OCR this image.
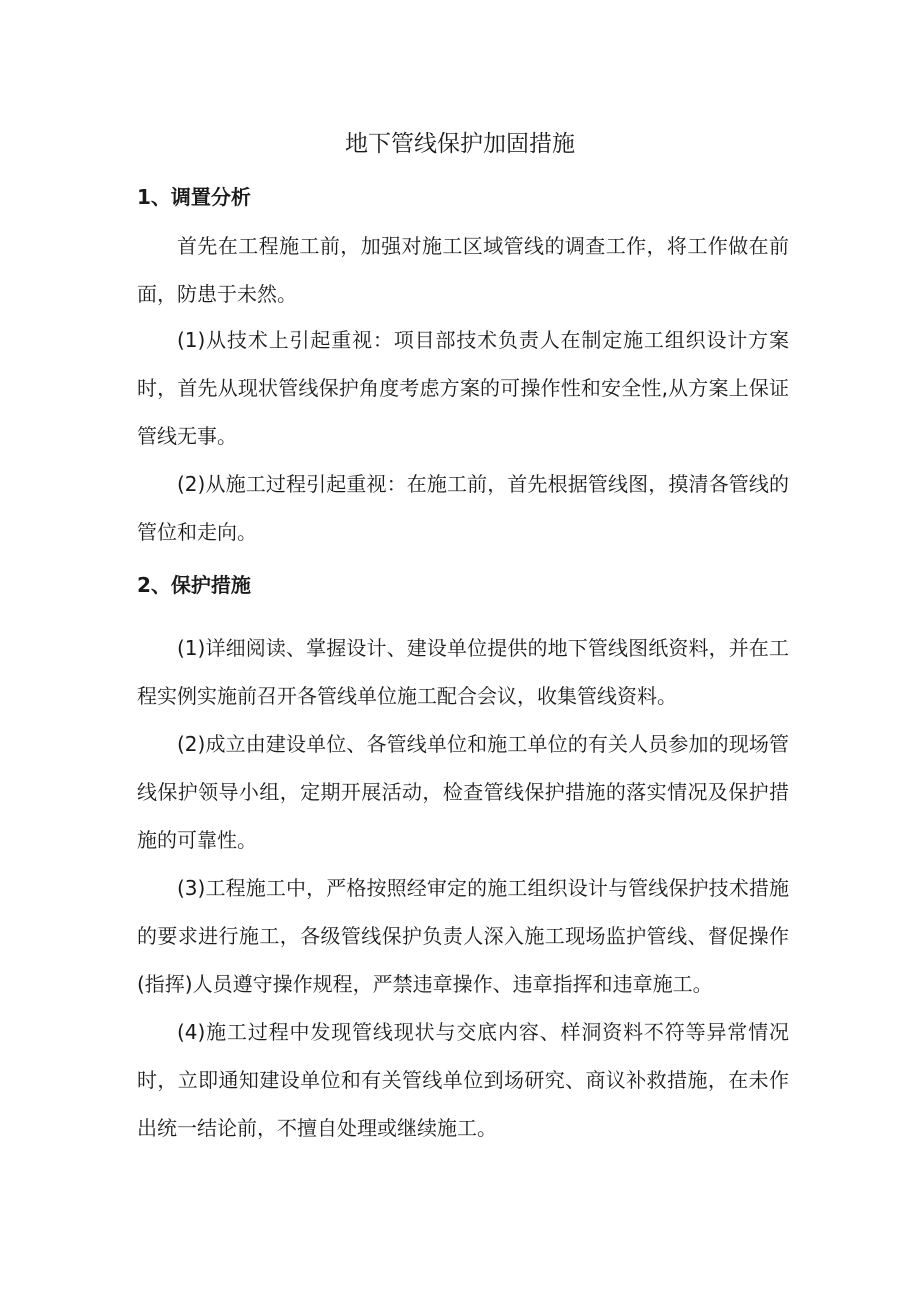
地下管线保护加固措施
1、调置分析

首先在工程施工前，加强对施工区域管线的调查工作，将工作做在前面，防患于未然。

(1)从技术上引起重视：项目部技术负责人在制定施工组织设计方案时，首先从现状管线保护角度考虑方案的可操作性和安全性,从方案上保证管线无事。

(2)从施工过程引起重视：在施工前，首先根据管线图，摸清各管线的管位和走向。

2、保护措施

(1)详细阅读、掌握设计、建设单位提供的地下管线图纸资料，并在工程实例实施前召开各管线单位施工配合会议，收集管线资料。

(2)成立由建设单位、各管线单位和施工单位的有关人员参加的现场管线保护领导小组，定期开展活动，检查管线保护措施的落实情况及保护措施的可靠性。

(3)工程施工中，严格按照经审定的施工组织设计与管线保护技术措施的要求进行施工，各级管线保护负责人深入施工现场监护管线、督促操作(指挥)人员遵守操作规程，严禁违章操作、违章指挥和违章施工。

(4)施工过程中发现管线现状与交底内容、样洞资料不符等异常情况时，立即通知建设单位和有关管线单位到场研究、商议补救措施，在未作出统一结论前，不擅自处理或继续施工。
